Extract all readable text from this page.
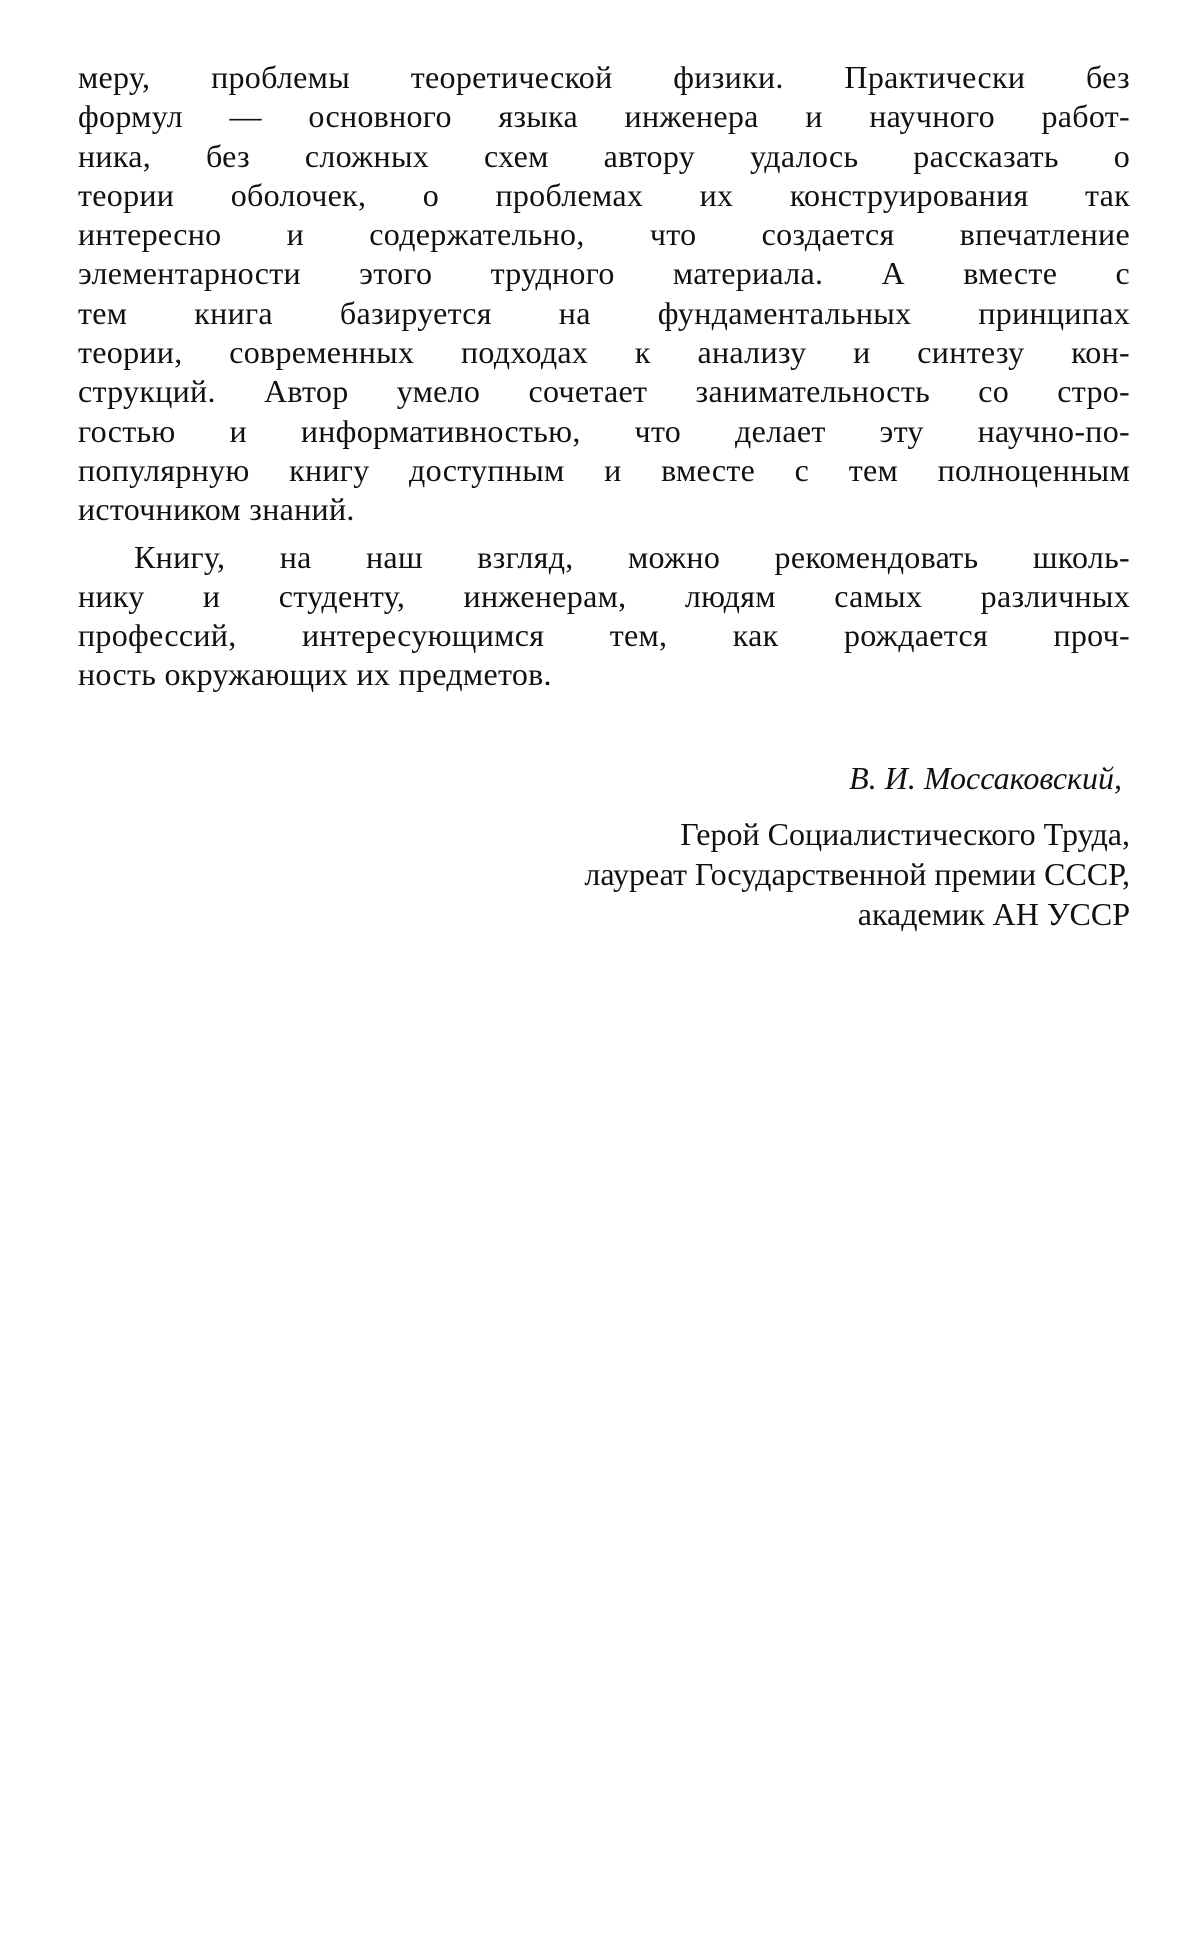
меру, проблемы теоретической физики. Практически без
формул — основного языка инженера и научного работ-
ника, без сложных схем автору удалось рассказать о
теории оболочек, о проблемах их конструирования так
интересно и содержательно, что создается впечатление
элементарности этого трудного материала. А вместе с
тем книга базируется на фундаментальных принципах
теории, современных подходах к анализу и синтезу кон-
струкций. Автор умело сочетает занимательность со стро-
гостью и информативностью, что делает эту научно-по-
популярную книгу доступным и вместе с тем полноценным
источником знаний.
Книгу, на наш взгляд, можно рекомендовать школь-
нику и студенту, инженерам, людям самых различных
профессий, интересующимся тем, как рождается проч-
ность окружающих их предметов.
В. И. Моссаковский,
Герой Социалистического Труда,
лауреат Государственной премии СССР,
академик АН УССР
